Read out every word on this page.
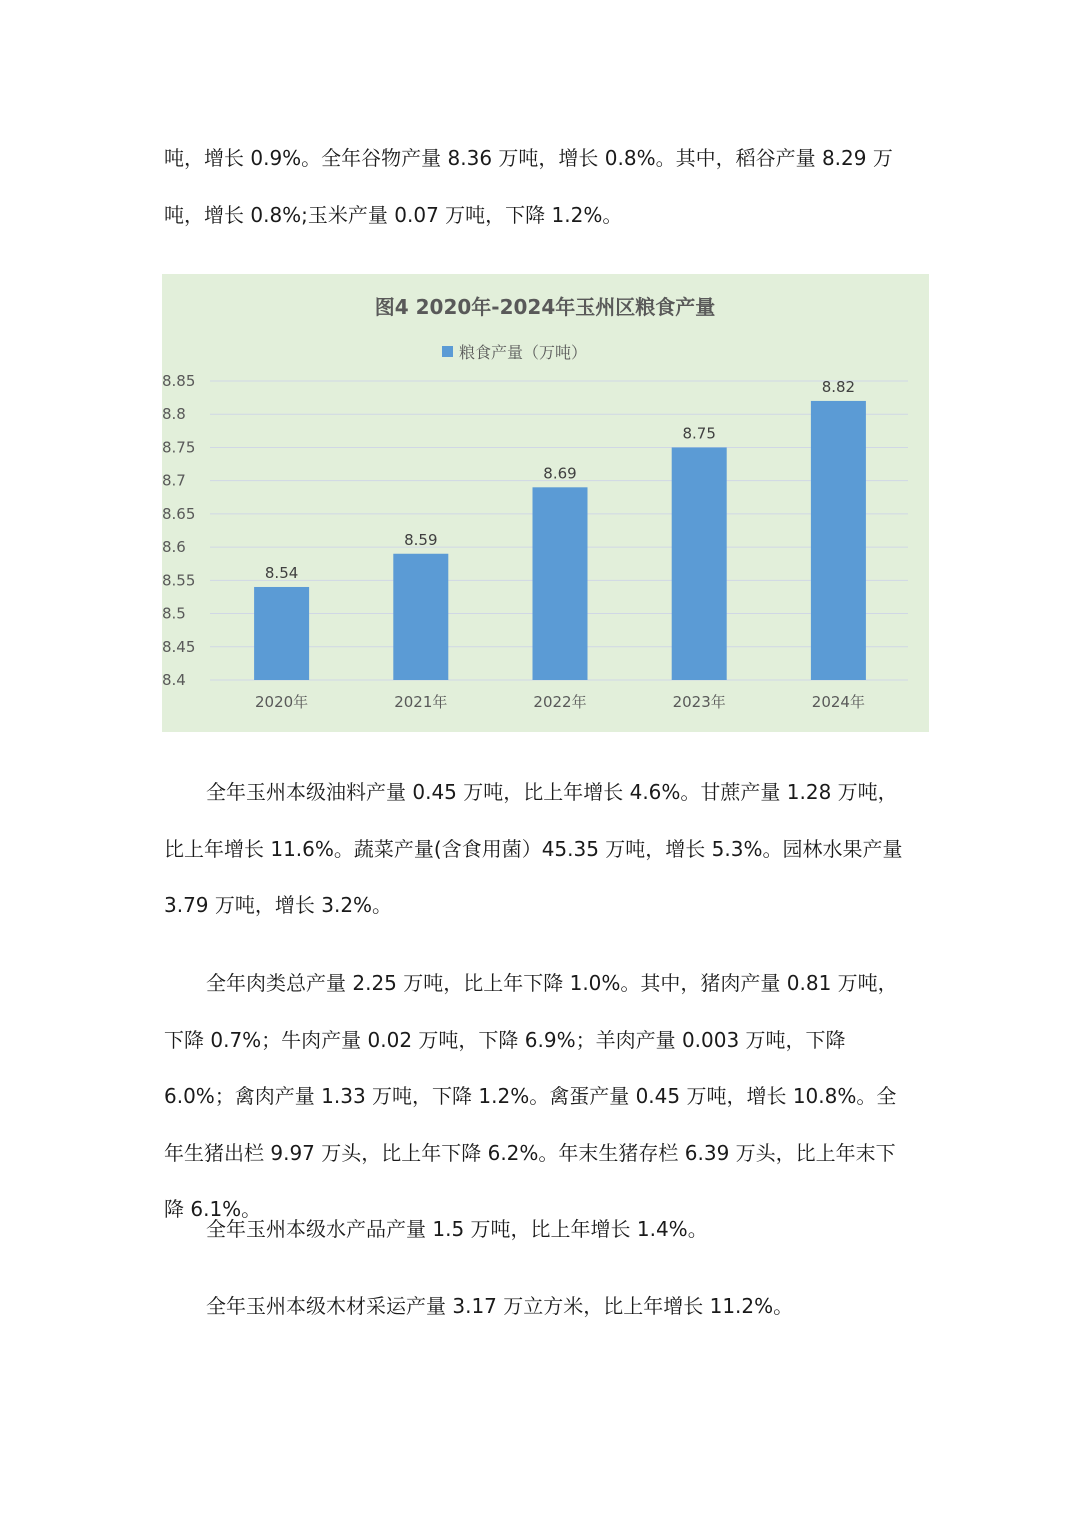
吨，增长 0.9%。全年谷物产量 8.36 万吨，增长 0.8%。其中，稻谷产量 8.29 万吨，增长 0.8%;玉米产量 0.07 万吨，下降 1.2%。

图4 2020年-2024年玉州区粮食产量
粮食产量（万吨）
8.4
8.45
8.5
8.55
8.6
8.65
8.7
8.75
8.8
8.85
8.54
8.59
8.69
8.75
8.82
2020年	2021年	2022年	2023年	2024年

全年玉州本级油料产量 0.45 万吨，比上年增长 4.6%。甘蔗产量 1.28 万吨，比上年增长 11.6%。蔬菜产量(含食用菌）45.35 万吨，增长 5.3%。园林水果产量 3.79 万吨，增长 3.2%。

全年肉类总产量 2.25 万吨，比上年下降 1.0%。其中，猪肉产量 0.81 万吨，下降 0.7%；牛肉产量 0.02 万吨，下降 6.9%；羊肉产量 0.003 万吨，下降 6.0%；禽肉产量 1.33 万吨，下降 1.2%。禽蛋产量 0.45 万吨，增长 10.8%。全年生猪出栏 9.97 万头，比上年下降 6.2%。年末生猪存栏 6.39 万头，比上年末下降 6.1%。

全年玉州本级水产品产量 1.5 万吨，比上年增长 1.4%。

全年玉州本级木材采运产量 3.17 万立方米，比上年增长 11.2%。
